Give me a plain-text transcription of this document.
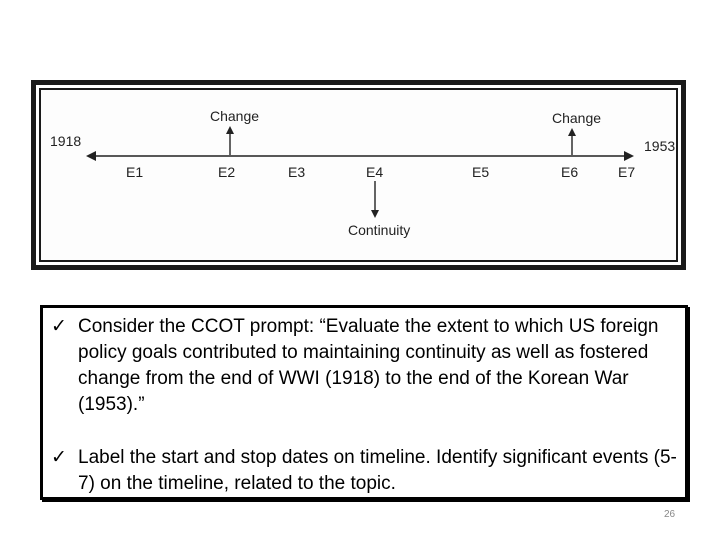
1918	1953
E1	E2	E3	E4	E5	E6	E7
Change	Change
Continuity
✓ Consider the CCOT prompt: “Evaluate the extent to which US foreign policy goals contributed to maintaining continuity as well as fostered change from the end of WWI (1918) to the end of the Korean War (1953).”
✓ Label the start and stop dates on timeline. Identify significant events (5-7) on the timeline, related to the topic.
26
